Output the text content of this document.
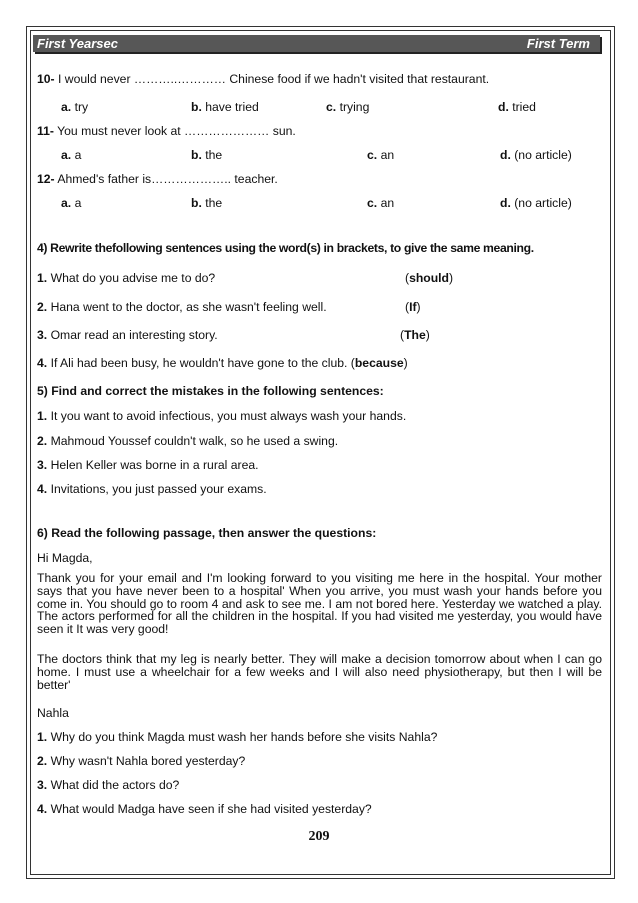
First Yearsec	First Term
10- I would never ………..………… Chinese food if we hadn't visited that restaurant.
a. try	b. have tried	c. trying	d. tried
11- You must never look at ………………… sun.
a. a	b. the	c. an	d. (no article)
12- Ahmed's father is……………….. teacher.
a. a	b. the	c. an	d. (no article)
4) Rewrite thefollowing sentences using the word(s) in brackets, to give the same meaning.
1. What do you advise me to do?	(should)
2. Hana went to the doctor, as she wasn't feeling well.	(If)
3. Omar read an interesting story.	(The)
4. If Ali had been busy, he wouldn't have gone to the club. (because)
5) Find and correct the mistakes in the following sentences:
1. It you want to avoid infectious, you must always wash your hands.
2. Mahmoud Youssef couldn't walk, so he used a swing.
3. Helen Keller was borne in a rural area.
4. Invitations, you just passed your exams.
6) Read the following passage, then answer the questions:
Hi Magda,
Thank you for your email and I'm looking forward to you visiting me here in the hospital. Your mother says that you have never been to a hospital' When you arrive, you must wash your hands before you come in. You should go to room 4 and ask to see me. I am not bored here. Yesterday we watched a play. The actors performed for all the children in the hospital. If you had visited me yesterday, you would have seen it It was very good!
The doctors think that my leg is nearly better. They will make a decision tomorrow about when I can go home. I must use a wheelchair for a few weeks and I will also need physiotherapy, but then I will be better'
Nahla
1. Why do you think Magda must wash her hands before she visits Nahla?
2. Why wasn't Nahla bored yesterday?
3. What did the actors do?
4. What would Madga have seen if she had visited yesterday?
209
